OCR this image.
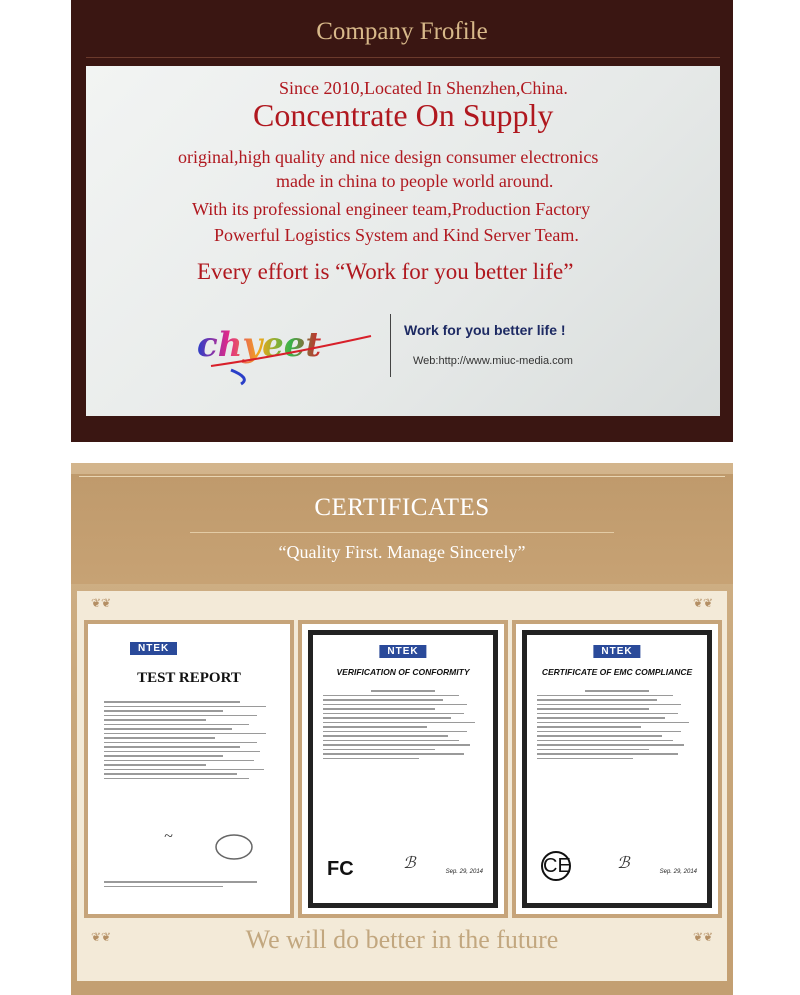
Company Frofile
Since 2010,Located In Shenzhen,China.
Concentrate On Supply
original,high quality and nice design consumer electronics
made in china to people world around.
With its professional engineer team,Production Factory
Powerful Logistics System and Kind Server Team.
Every effort is “Work for you better life”
chyeet	Work for you better life !
Web:http://www.miuc-media.com
CERTIFICATES
“Quality First. Manage Sincerely”
❦❦	❦❦
❦❦	❦❦
NTEK
TEST REPORT
~
NTEK
VERIFICATION OF CONFORMITY
FC	ℬ	Sep. 29, 2014
NTEK
CERTIFICATE OF EMC COMPLIANCE
CE	ℬ	Sep. 29, 2014
We will do better in the future
